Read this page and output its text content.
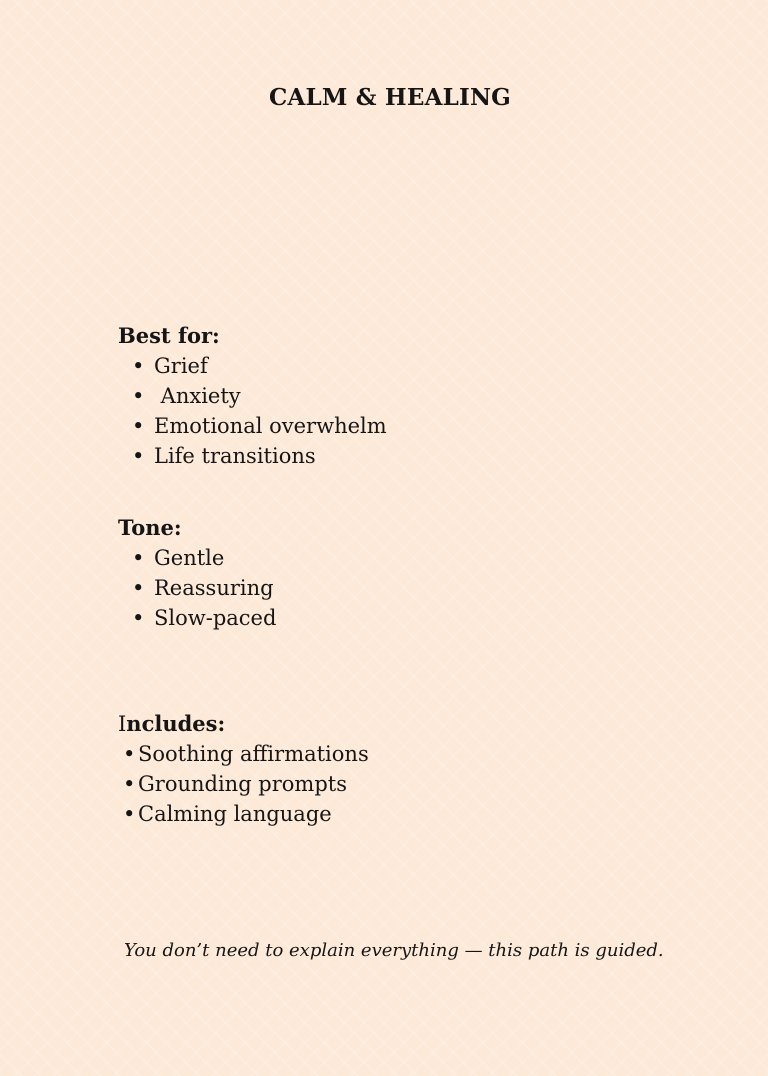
CALM & HEALING
Best for:
• Grief
• Anxiety
• Emotional overwhelm
• Life transitions
Tone:
• Gentle
• Reassuring
• Slow-paced
Includes:
• Soothing affirmations
• Grounding prompts
• Calming language
You don’t need to explain everything — this path is guided.
